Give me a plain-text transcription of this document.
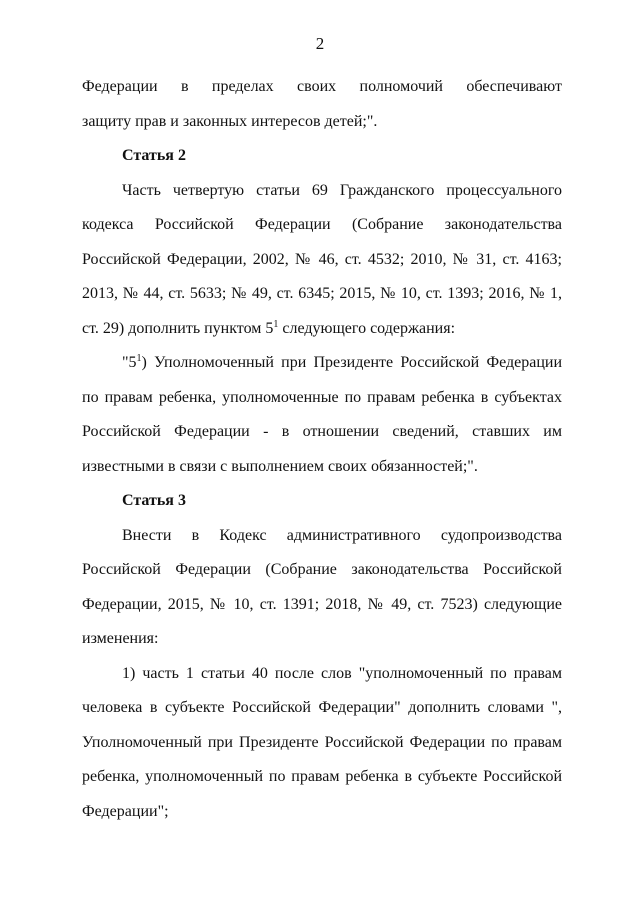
2
Федерации в пределах своих полномочий обеспечивают

защиту прав и законных интересов детей;".

Статья 2

Часть четвертую статьи 69 Гражданского процессуального кодекса Российской Федерации (Собрание законодательства Российской Федерации, 2002, № 46, ст. 4532; 2010, № 31, ст. 4163; 2013, № 44, ст. 5633; № 49, ст. 6345; 2015, № 10, ст. 1393; 2016, № 1, ст. 29) дополнить пунктом $5^1$ следующего содержания:

"$5^1$) Уполномоченный при Президенте Российской Федерации по правам ребенка, уполномоченные по правам ребенка в субъектах Российской Федерации - в отношении сведений, ставших им известными в связи с выполнением своих обязанностей;".

Статья 3

Внести в Кодекс административного судопроизводства Российской Федерации (Собрание законодательства Российской Федерации, 2015, № 10, ст. 1391; 2018, № 49, ст. 7523) следующие изменения:

1) часть 1 статьи 40 после слов "уполномоченный по правам человека в субъекте Российской Федерации" дополнить словами ", Уполномоченный при Президенте Российской Федерации по правам ребенка, уполномоченный по правам ребенка в субъекте Российской Федерации";
